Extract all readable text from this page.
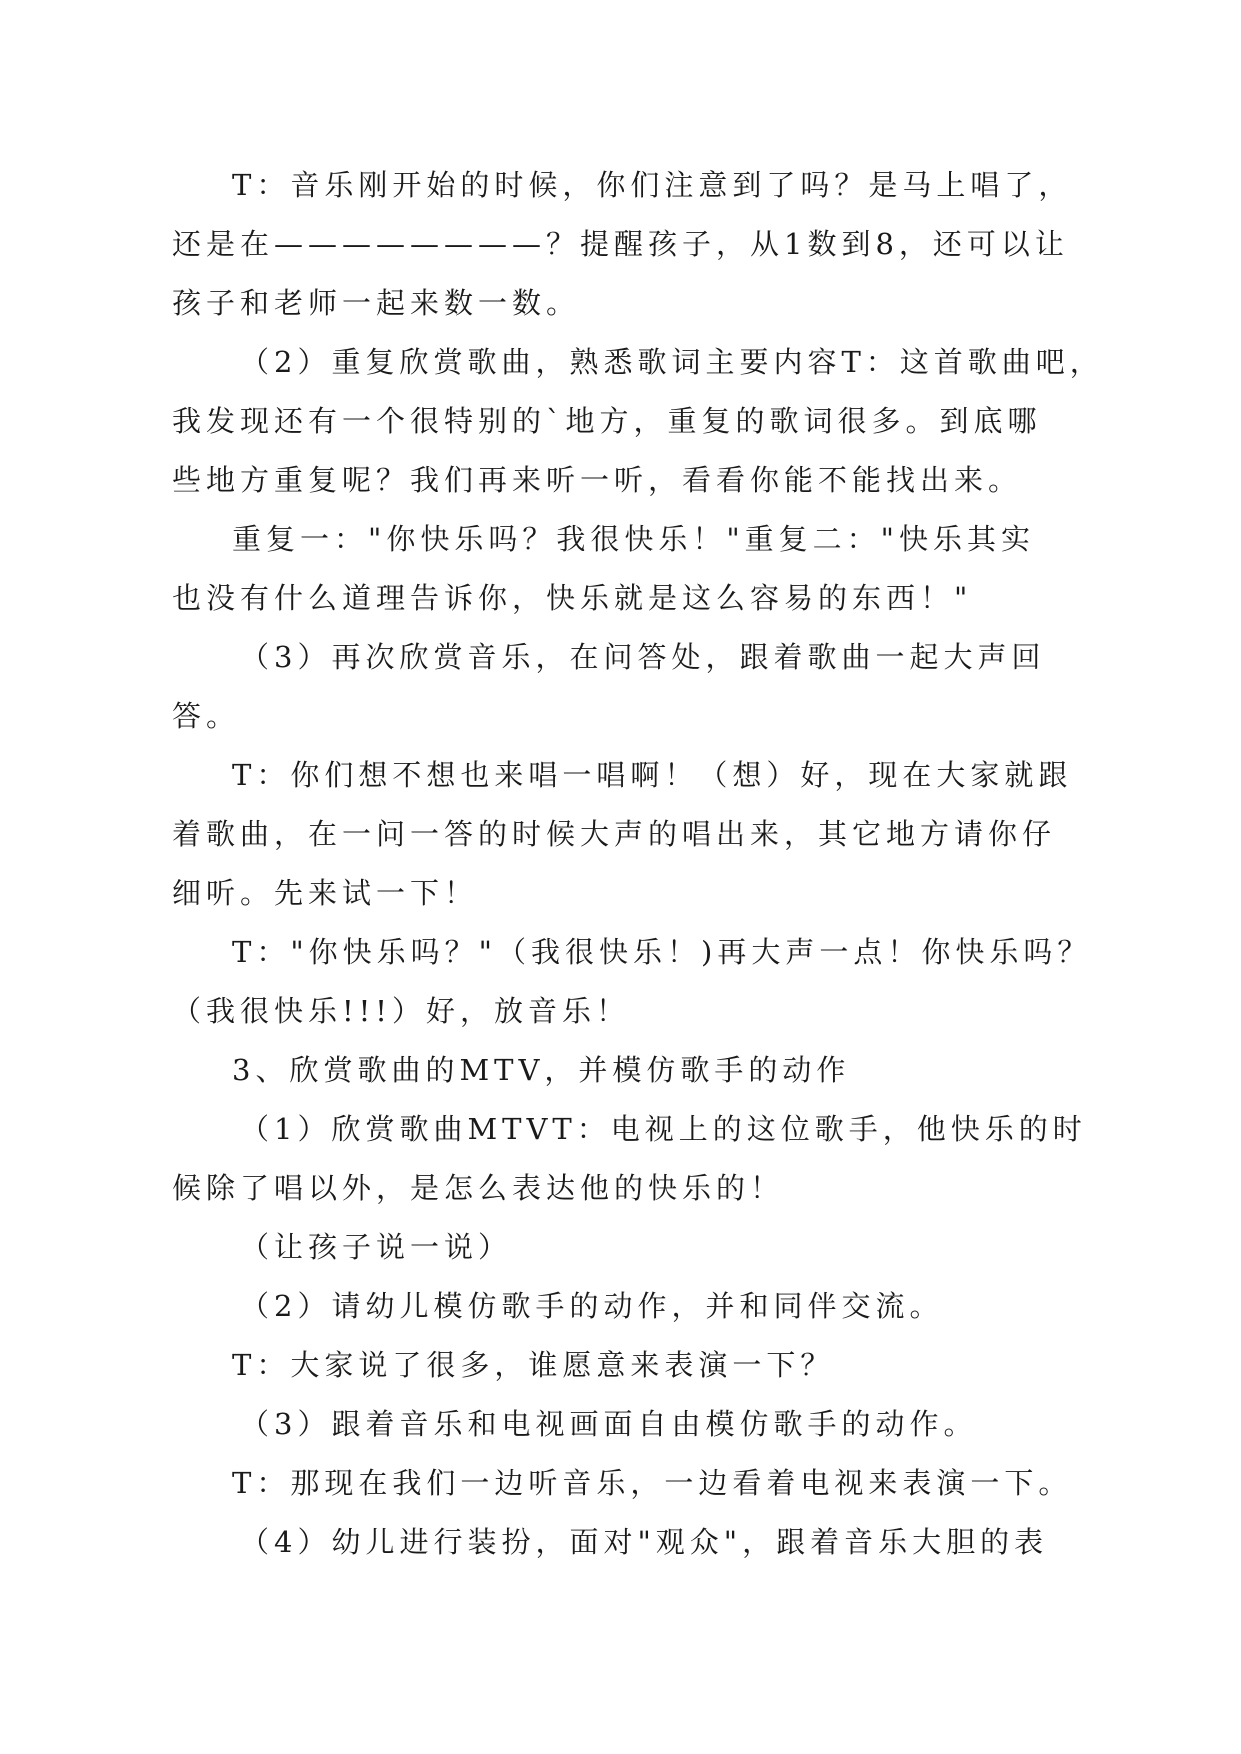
T：音乐刚开始的时候，你们注意到了吗？是马上唱了，
还是在————————？提醒孩子，从1数到8，还可以让
孩子和老师一起来数一数。
（2）重复欣赏歌曲，熟悉歌词主要内容T：这首歌曲吧，
我发现还有一个很特别的`地方，重复的歌词很多。到底哪
些地方重复呢？我们再来听一听，看看你能不能找出来。
重复一："你快乐吗？我很快乐！"重复二："快乐其实
也没有什么道理告诉你，快乐就是这么容易的东西！"
（3）再次欣赏音乐，在问答处，跟着歌曲一起大声回
答。
T：你们想不想也来唱一唱啊！（想）好，现在大家就跟
着歌曲，在一问一答的时候大声的唱出来，其它地方请你仔
细听。先来试一下！
T："你快乐吗？"（我很快乐！)再大声一点！你快乐吗？
（我很快乐!!!）好，放音乐！
3、欣赏歌曲的MTV，并模仿歌手的动作
（1）欣赏歌曲MTVT：电视上的这位歌手，他快乐的时
候除了唱以外，是怎么表达他的快乐的！
（让孩子说一说）
（2）请幼儿模仿歌手的动作，并和同伴交流。
T：大家说了很多，谁愿意来表演一下？
（3）跟着音乐和电视画面自由模仿歌手的动作。
T：那现在我们一边听音乐，一边看着电视来表演一下。
（4）幼儿进行装扮，面对"观众"，跟着音乐大胆的表
